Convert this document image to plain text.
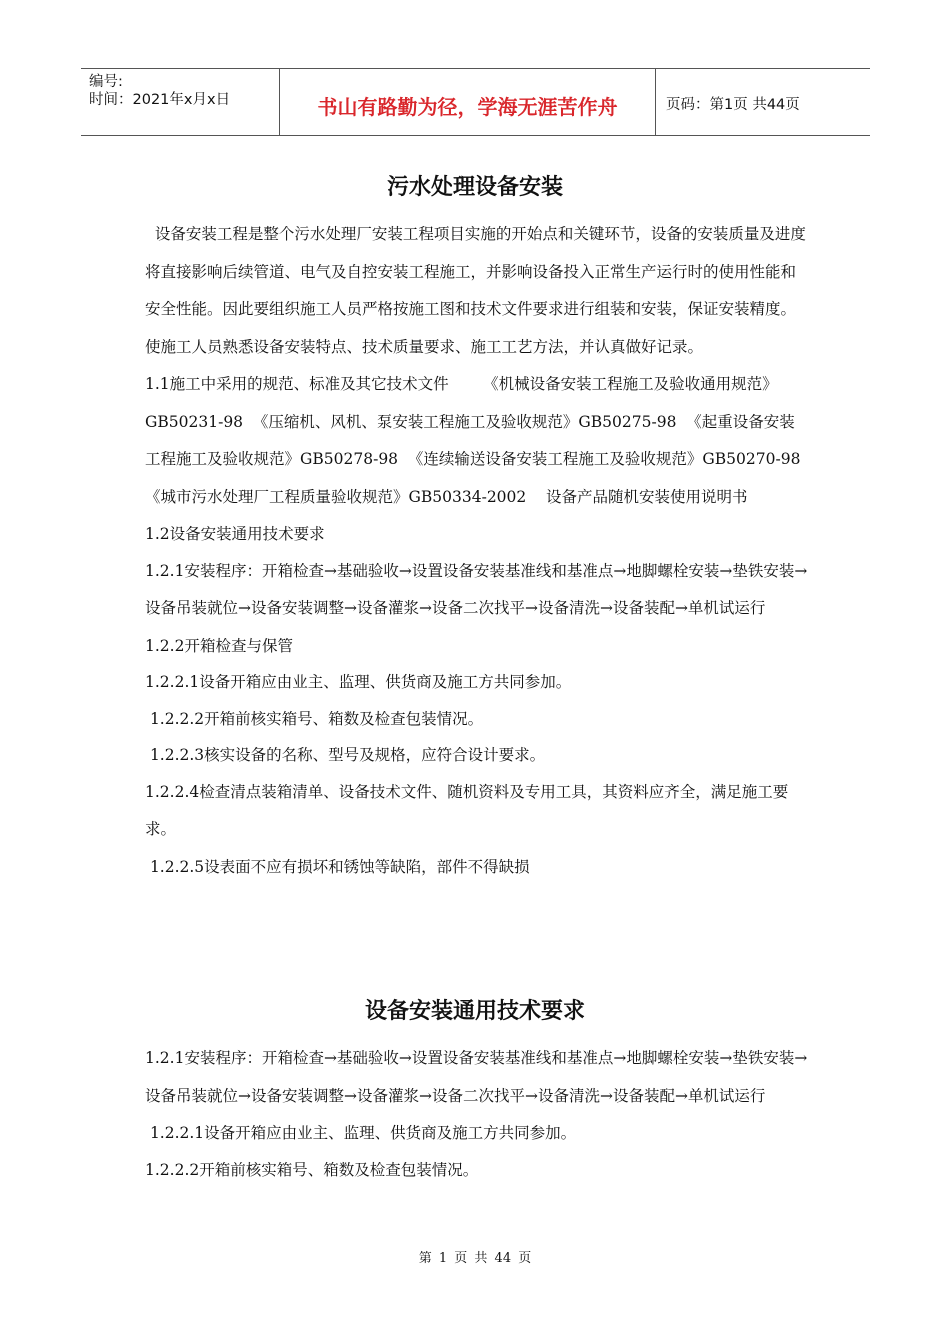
编号:
时间：2021年x月x日	书山有路勤为径，学海无涯苦作舟	页码：第1页 共44页
污水处理设备安装

设备安装工程是整个污水处理厂安装工程项目实施的开始点和关键环节，设备的安装质量及进度将直接影响后续管道、电气及自控安装工程施工，并影响设备投入正常生产运行时的使用性能和安全性能。因此要组织施工人员严格按施工图和技术文件要求进行组装和安装，保证安装精度。使施工人员熟悉设备安装特点、技术质量要求、施工工艺方法，并认真做好记录。

1.1施工中采用的规范、标准及其它技术文件       《机械设备安装工程施工及验收通用规范》GB50231-98  《压缩机、风机、泵安装工程施工及验收规范》GB50275-98  《起重设备安装工程施工及验收规范》GB50278-98  《连续输送设备安装工程施工及验收规范》GB50270-98  《城市污水处理厂工程质量验收规范》GB50334-2002    设备产品随机安装使用说明书

1.2设备安装通用技术要求

1.2.1安装程序：开箱检查→基础验收→设置设备安装基准线和基准点→地脚螺栓安装→垫铁安装→设备吊装就位→设备安装调整→设备灌浆→设备二次找平→设备清洗→设备装配→单机试运行

1.2.2开箱检查与保管

1.2.2.1设备开箱应由业主、监理、供货商及施工方共同参加。

1.2.2.2开箱前核实箱号、箱数及检查包装情况。

1.2.2.3核实设备的名称、型号及规格，应符合设计要求。

1.2.2.4检查清点装箱清单、设备技术文件、随机资料及专用工具，其资料应齐全，满足施工要求。

1.2.2.5设表面不应有损坏和锈蚀等缺陷，部件不得缺损

设备安装通用技术要求

1.2.1安装程序：开箱检查→基础验收→设置设备安装基准线和基准点→地脚螺栓安装→垫铁安装→设备吊装就位→设备安装调整→设备灌浆→设备二次找平→设备清洗→设备装配→单机试运行

1.2.2.1设备开箱应由业主、监理、供货商及施工方共同参加。

1.2.2.2开箱前核实箱号、箱数及检查包装情况。

第 1 页 共 44 页
